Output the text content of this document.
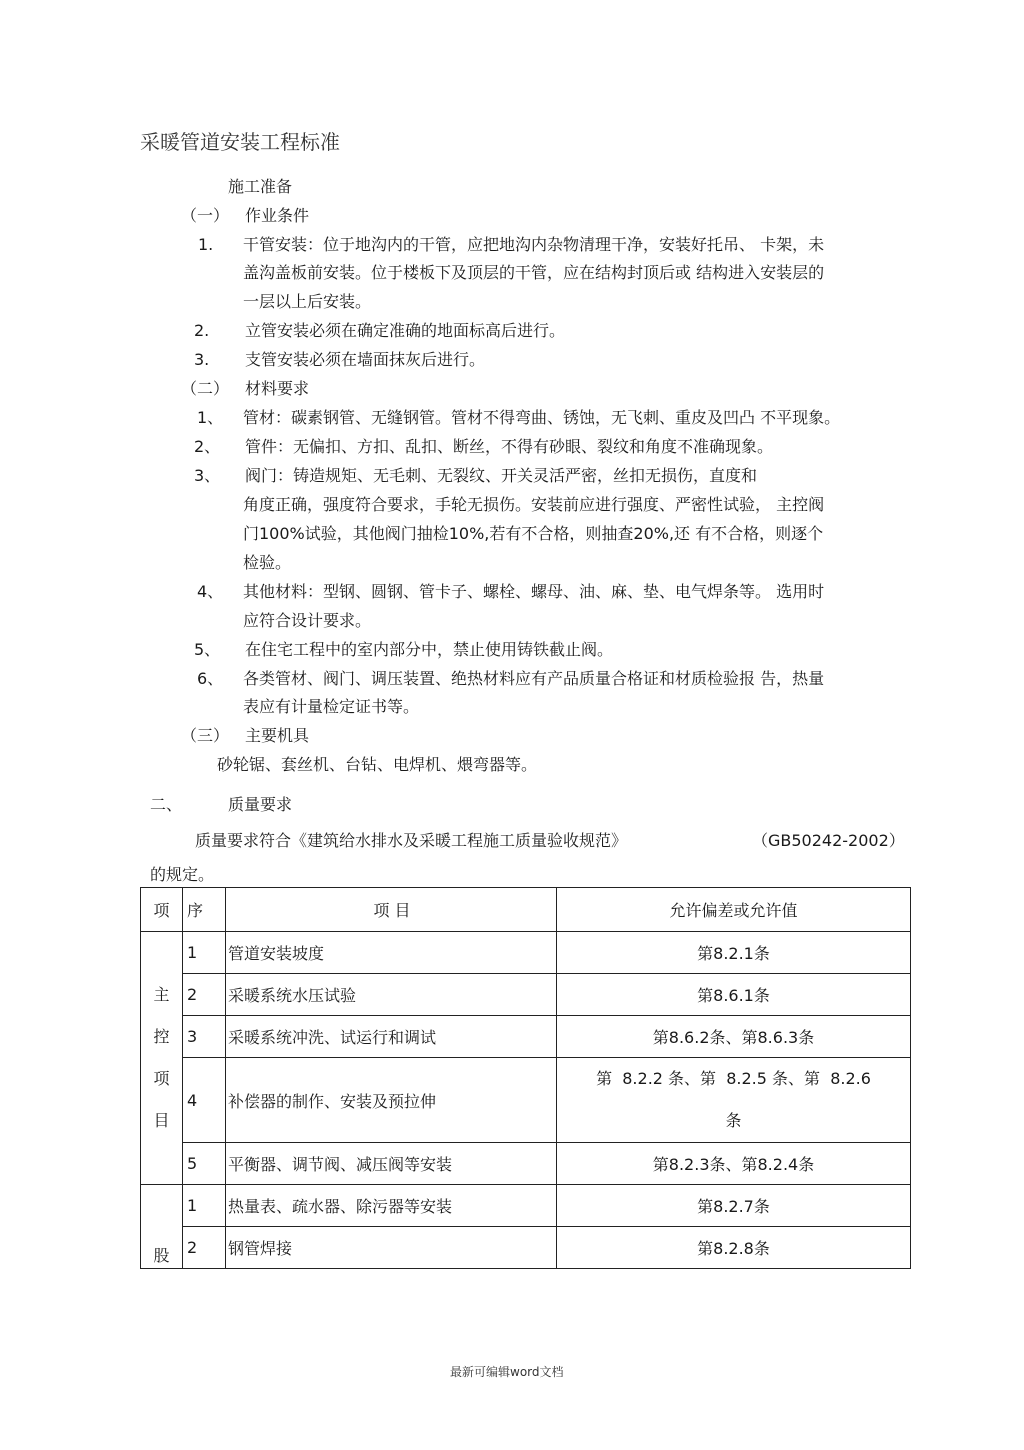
采暖管道安装工程标准
施工准备
（一） 作业条件
1. 干管安装：位于地沟内的干管，应把地沟内杂物清理干净，安装好托吊、 卡架，未
盖沟盖板前安装。位于楼板下及顶层的干管，应在结构封顶后或 结构进入安装层的
一层以上后安装。
2. 立管安装必须在确定准确的地面标高后进行。
3. 支管安装必须在墙面抹灰后进行。
（二） 材料要求
1、 管材：碳素钢管、无缝钢管。管材不得弯曲、锈蚀，无飞刺、重皮及凹凸 不平现象。
2、 管件：无偏扣、方扣、乱扣、断丝，不得有砂眼、裂纹和角度不准确现象。
3、 阀门：铸造规矩、无毛刺、无裂纹、开关灵活严密，丝扣无损伤，直度和
角度正确，强度符合要求，手轮无损伤。安装前应进行强度、严密性试验， 主控阀
门100%试验，其他阀门抽检10%,若有不合格，则抽查20%,还 有不合格，则逐个
检验。
4、 其他材料：型钢、圆钢、管卡子、螺栓、螺母、油、麻、垫、电气焊条等。 选用时
应符合设计要求。
5、 在住宅工程中的室内部分中，禁止使用铸铁截止阀。
6、 各类管材、阀门、调压装置、绝热材料应有产品质量合格证和材质检验报 告，热量
表应有计量检定证书等。
（三） 主要机具
砂轮锯、套丝机、台钻、电焊机、煨弯器等。
二、	质量要求
质量要求符合《建筑给水排水及采暖工程施工质量验收规范》	（GB50242-2002）
的规定。
项	序	项 目	允许偏差或允许值

主
控
项
目	1	管道安装坡度	第8.2.1条
	2	采暖系统水压试验	第8.6.1条
	3	采暖系统冲洗、试运行和调试	第8.6.2条、第8.6.3条
	4	补偿器的制作、安装及预拉伸	第  8.2.2 条、第  8.2.5 条、第  8.2.6
条

	5	平衡器、调节阀、减压阀等安装	第8.2.3条、第8.2.4条
股	1	热量表、疏水器、除污器等安装	第8.2.7条
	2	钢管焊接	第8.2.8条
最新可编辑word文档
